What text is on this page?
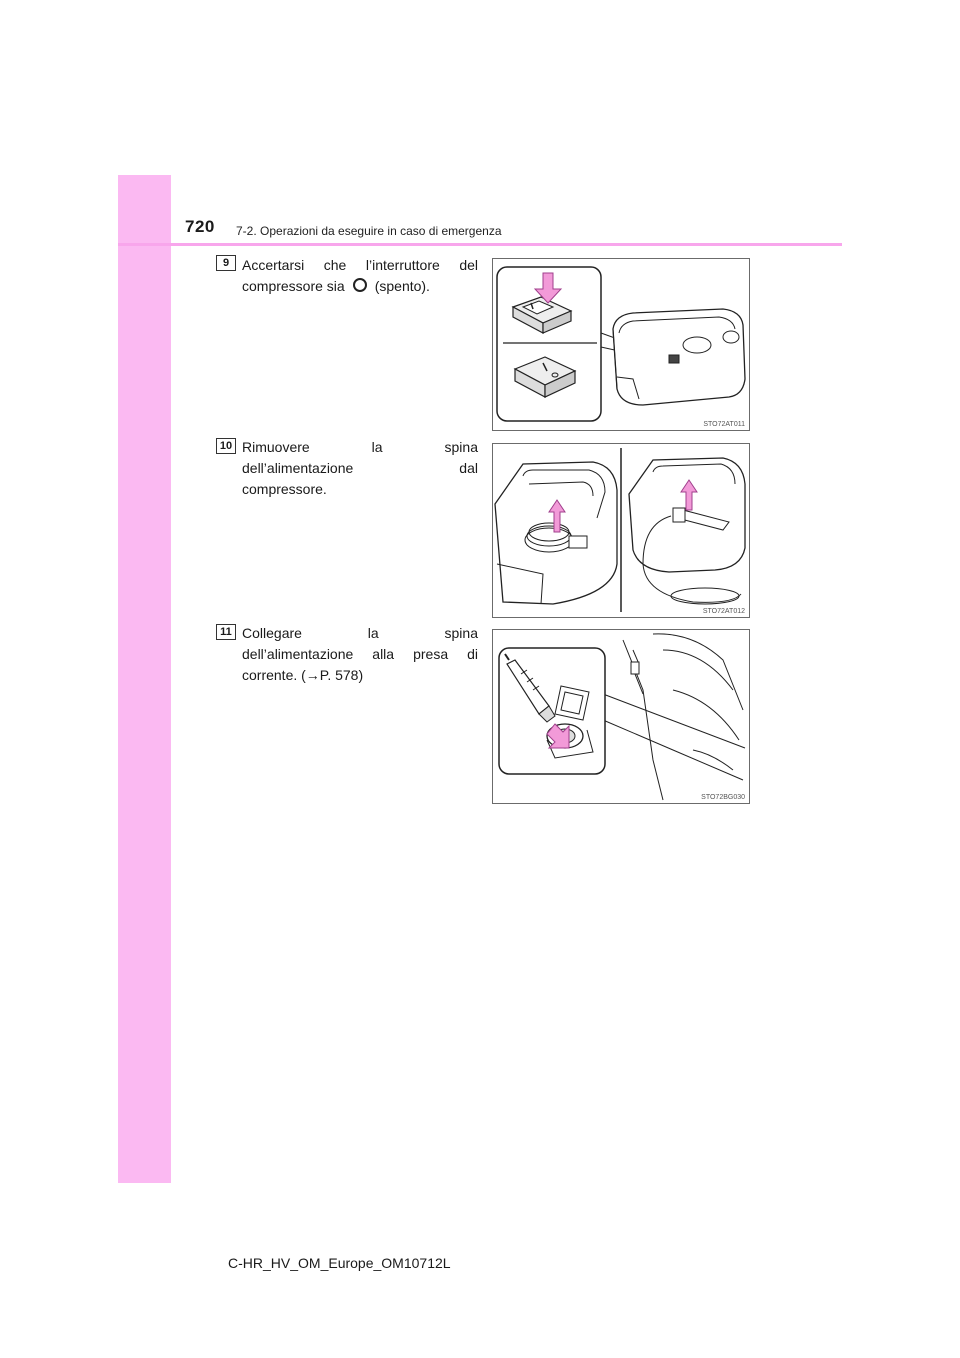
720 7-2. Operazioni da eseguire in caso di emergenza
9 Accertarsi che l’interruttore del
compressore sia (spento).
STO72AT011
10 Rimuovere la spina
dell’alimentazione dal
compressore.
STO72AT012
11 Collegare la spina
dell’alimentazione alla presa di
corrente. (→P. 578)
STO72BG030
C-HR_HV_OM_Europe_OM10712L
